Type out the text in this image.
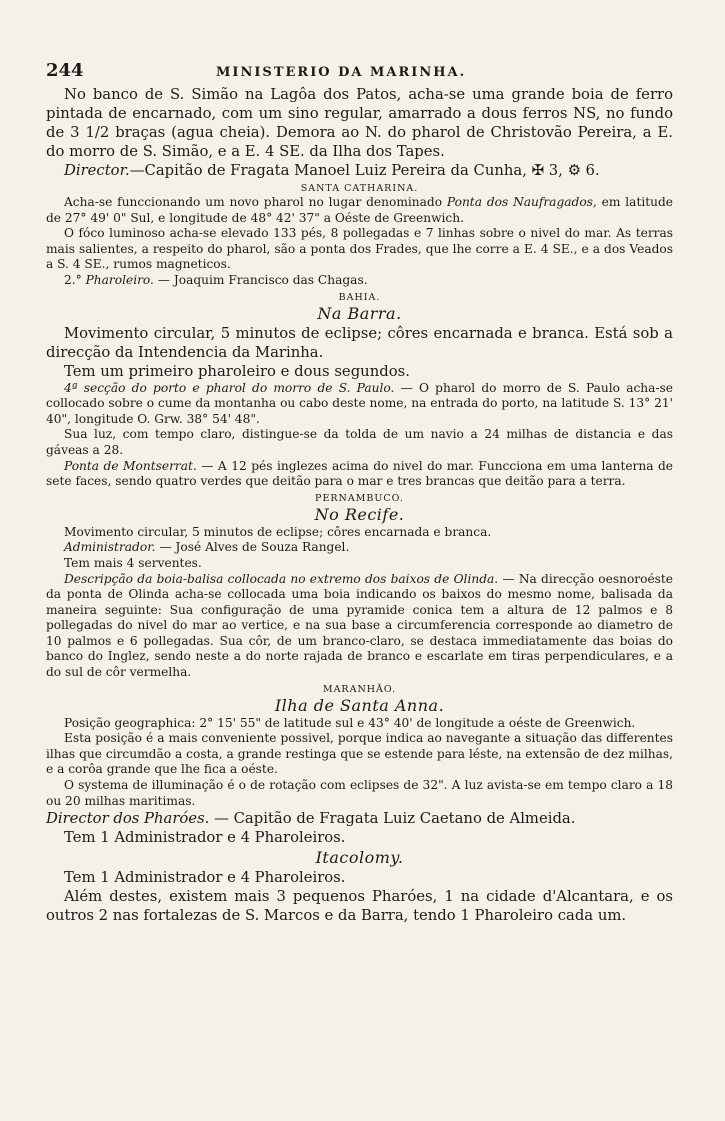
244	MINISTERIO DA MARINHA.

No banco de S. Simão na Lagôa dos Patos, acha-se uma grande boia de ferro pintada de encarnado, com um sino regular, amarrado a dous ferros NS, no fundo de 3 1/2 braças (agua cheia). Demora ao N. do pharol de Christovão Pereira, a E. do morro de S. Simão, e a E. 4 SE. da Ilha dos Tapes.

Director.—Capitão de Fragata Manoel Luiz Pereira da Cunha, ✠ 3, ⚙ 6.

SANTA CATHARINA.

Acha-se funccionando um novo pharol no lugar denominado Ponta dos Naufragados, em latitude de 27° 49' 0" Sul, e longitude de 48° 42' 37" a Oéste de Greenwich.

O fóco luminoso acha-se elevado 133 pés, 8 pollegadas e 7 linhas sobre o nivel do mar. As terras mais salientes, a respeito do pharol, são a ponta dos Frades, que lhe corre a E. 4 SE., e a dos Veados a S. 4 SE., rumos magneticos.

2.° Pharoleiro. — Joaquim Francisco das Chagas.

BAHIA.
Na Barra.

Movimento circular, 5 minutos de eclipse; côres encarnada e branca. Está sob a direcção da Intendencia da Marinha.

Tem um primeiro pharoleiro e dous segundos.

4ª secção do porto e pharol do morro de S. Paulo. — O pharol do morro de S. Paulo acha-se collocado sobre o cume da montanha ou cabo deste nome, na entrada do porto, na latitude S. 13° 21' 40", longitude O. Grw. 38° 54' 48".

Sua luz, com tempo claro, distingue-se da tolda de um navio a 24 milhas de distancia e das gáveas a 28.

Ponta de Montserrat. — A 12 pés inglezes acima do nivel do mar. Funcciona em uma lanterna de sete faces, sendo quatro verdes que deitão para o mar e tres brancas que deitão para a terra.

PERNAMBUCO.
No Recife.

Movimento circular, 5 minutos de eclipse; côres encarnada e branca.

Administrador. — José Alves de Souza Rangel.

Tem mais 4 serventes.

Descripção da boia-balisa collocada no extremo dos baixos de Olinda. — Na direcção oesnoroéste da ponta de Olinda acha-se collocada uma boia indicando os baixos do mesmo nome, balisada da maneira seguinte: Sua configuração de uma pyramide conica tem a altura de 12 palmos e 8 pollegadas do nivel do mar ao vertice, e na sua base a circumferencia corresponde ao diametro de 10 palmos e 6 pollegadas. Sua côr, de um branco-claro, se destaca immediatamente das boias do banco do Inglez, sendo neste a do norte rajada de branco e escarlate em tiras perpendiculares, e a do sul de côr vermelha.

MARANHÃO.
Ilha de Santa Anna.

Posição geographica: 2° 15' 55" de latitude sul e 43° 40' de longitude a oéste de Greenwich.

Esta posição é a mais conveniente possivel, porque indica ao navegante a situação das differentes ilhas que circumdão a costa, a grande restinga que se estende para léste, na extensão de dez milhas, e a corôa grande que lhe fica a oéste.

O systema de illuminação é o de rotação com eclipses de 32". A luz avista-se em tempo claro a 18 ou 20 milhas maritimas.

Director dos Pharóes. — Capitão de Fragata Luiz Caetano de Almeida.

Tem 1 Administrador e 4 Pharoleiros.

Itacolomy.

Tem 1 Administrador e 4 Pharoleiros.

Além destes, existem mais 3 pequenos Pharóes, 1 na cidade d'Alcantara, e os outros 2 nas fortalezas de S. Marcos e da Barra, tendo 1 Pharoleiro cada um.
